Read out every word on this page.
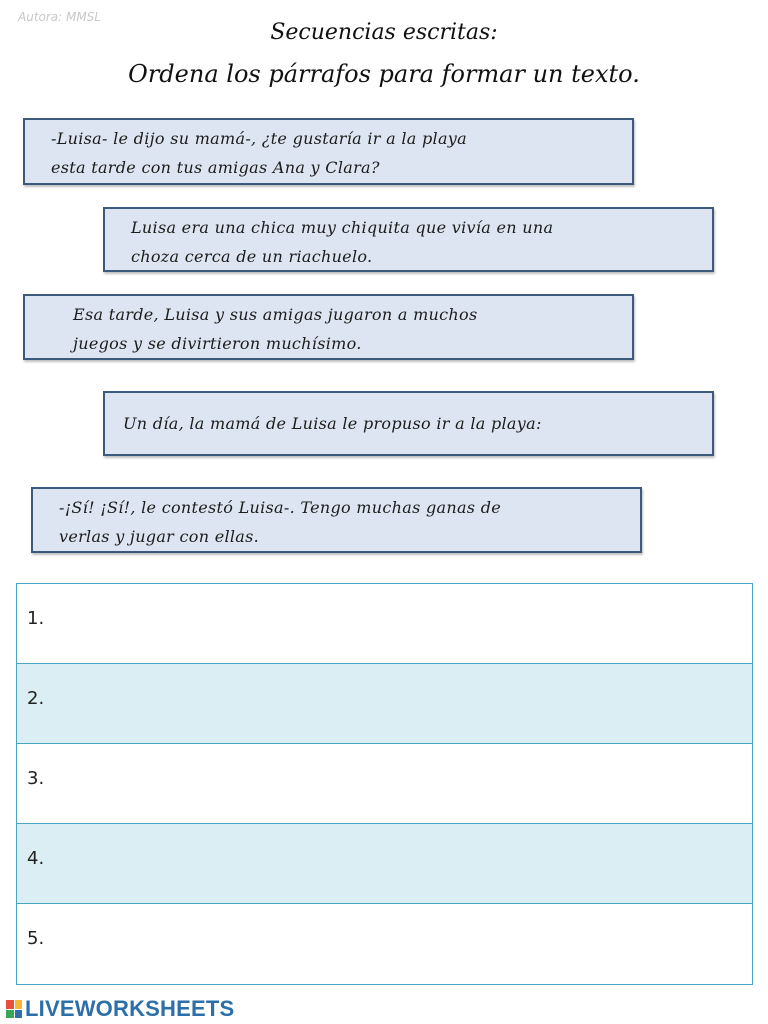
Autora: MMSL
Secuencias escritas:
Ordena los párrafos para formar un texto.
-Luisa- le dijo su mamá-, ¿te gustaría ir a la playa
esta tarde con tus amigas Ana y Clara?
Luisa era una chica muy chiquita que vivía en una
choza cerca de un riachuelo.
Esa tarde, Luisa y sus amigas jugaron a muchos
juegos y se divirtieron muchísimo.
Un día, la mamá de Luisa le propuso ir a la playa:
-¡Sí! ¡Sí!, le contestó Luisa-. Tengo muchas ganas de
verlas y jugar con ellas.
1.
2.
3.
4.
5.
LIVEWORKSHEETS
